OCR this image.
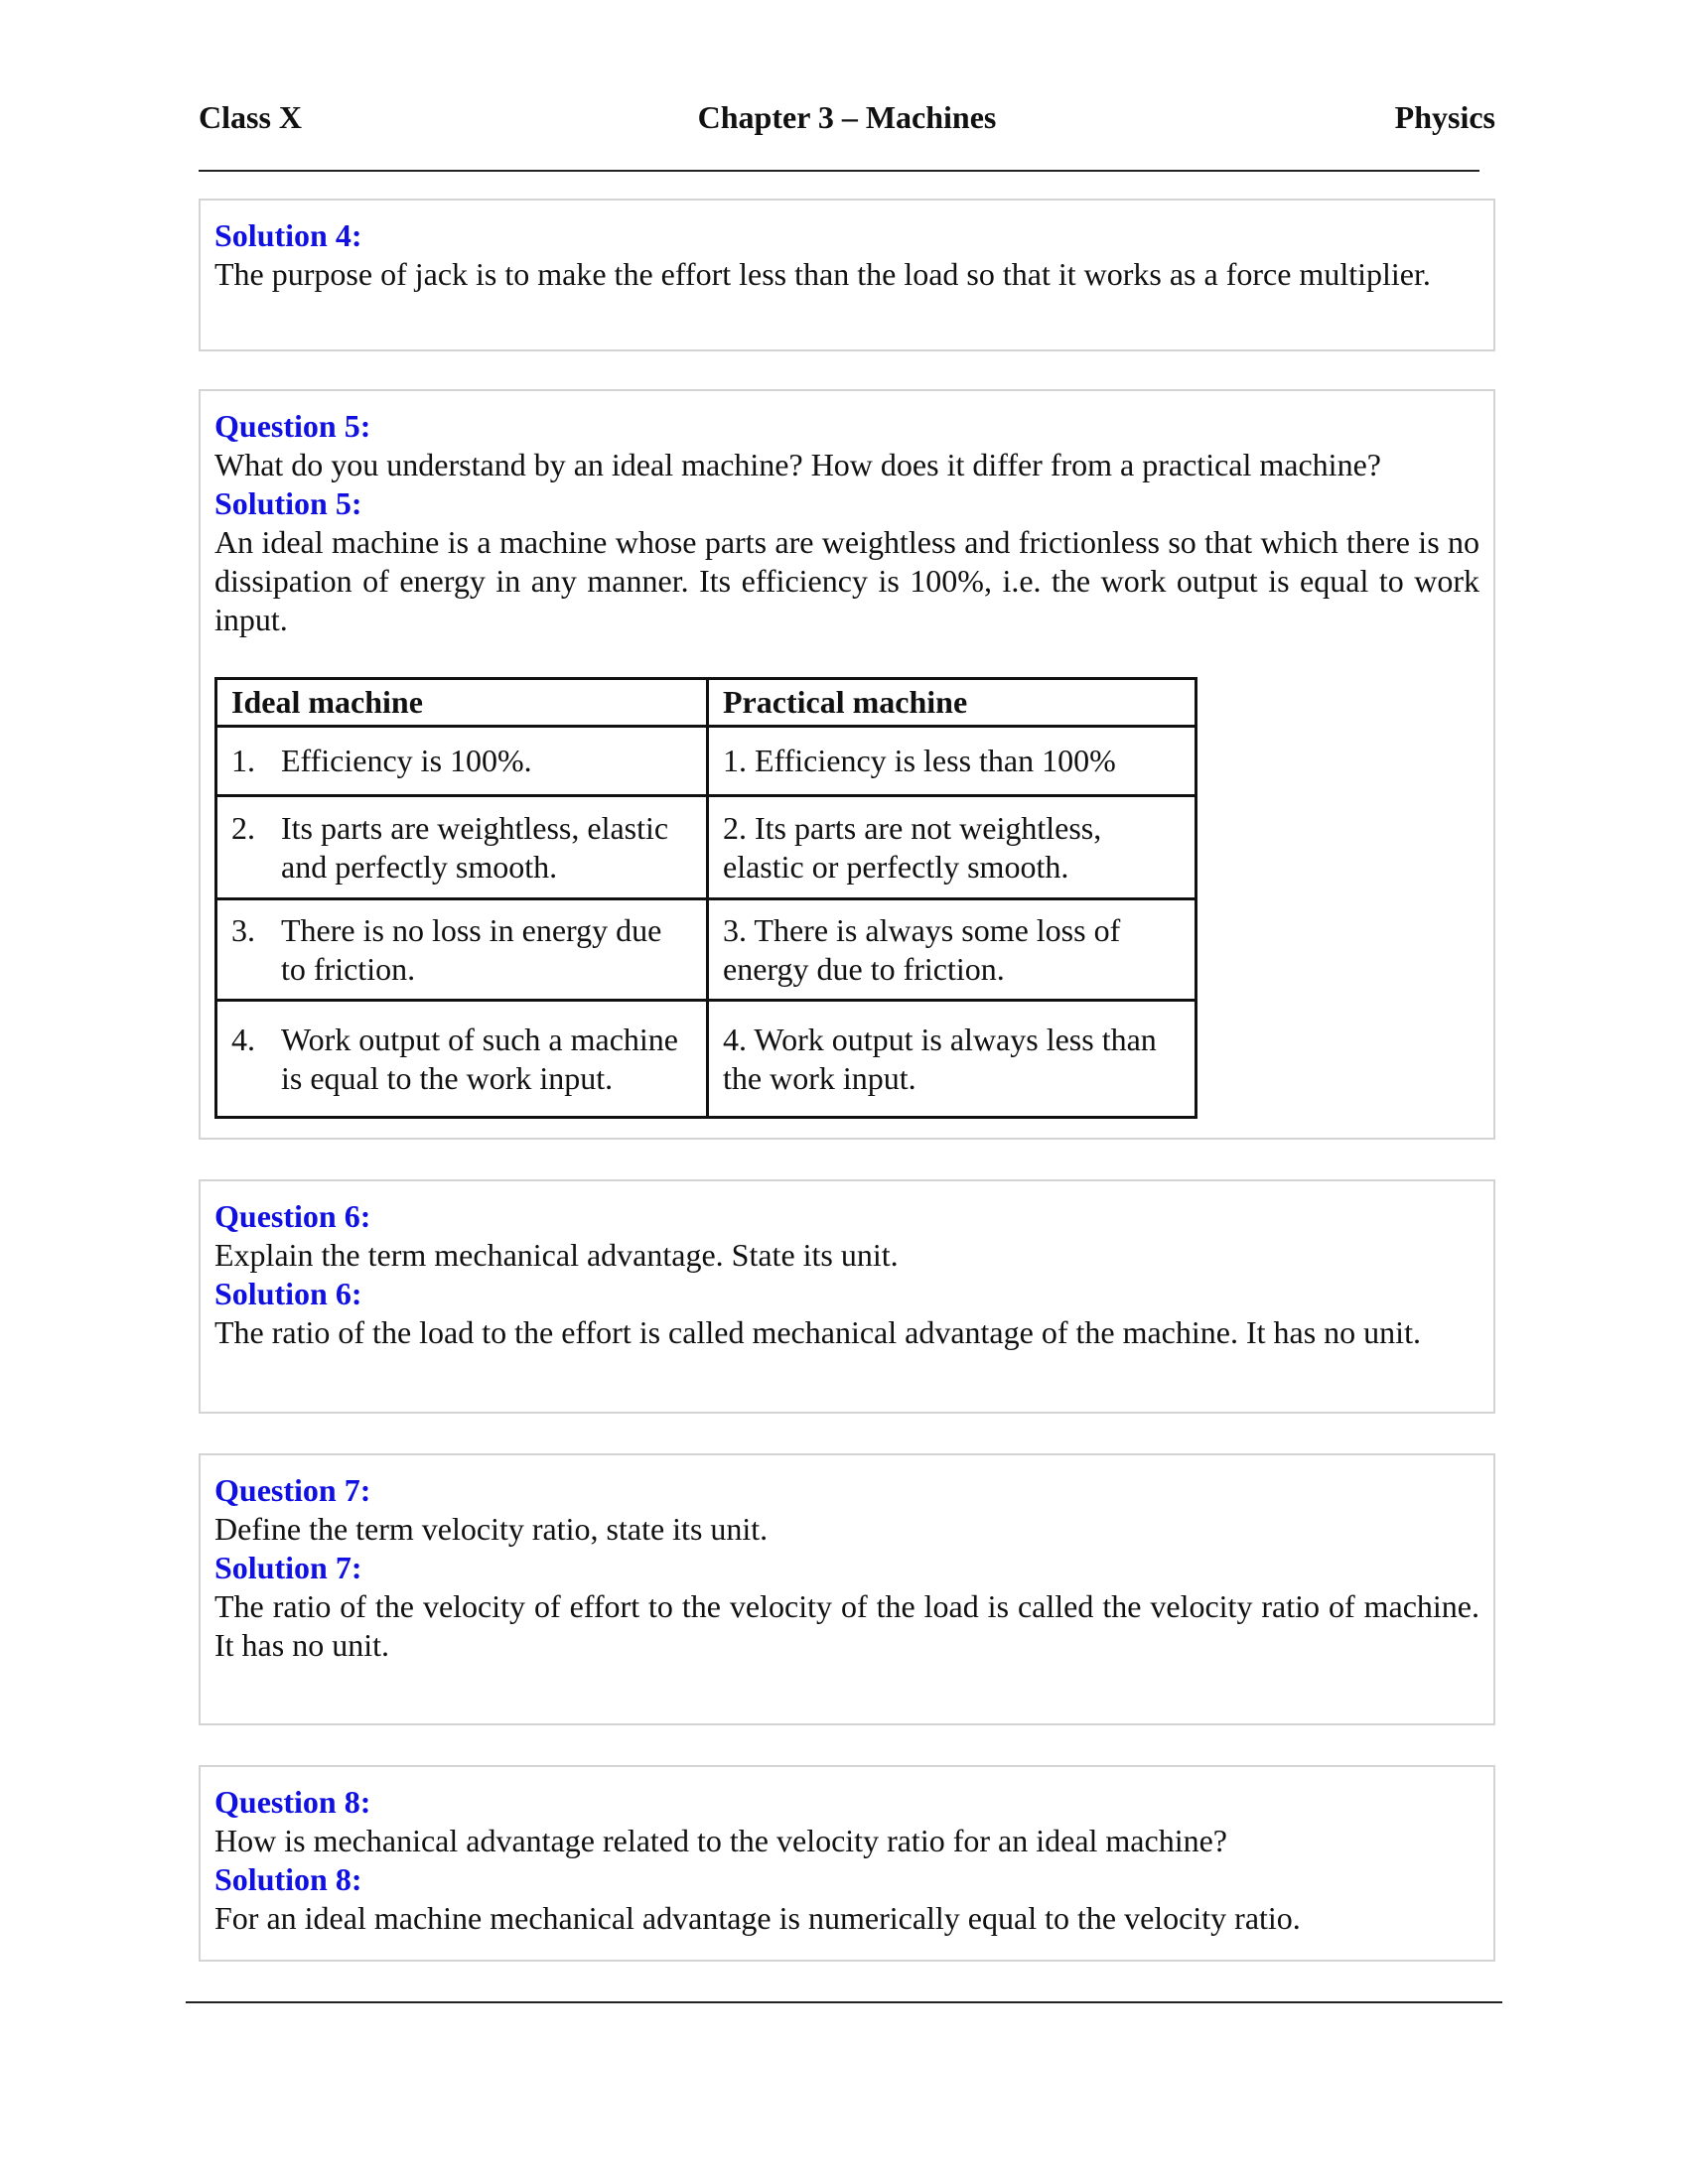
Class X	Chapter 3 – Machines	Physics

Solution 4:

The purpose of jack is to make the effort less than the load so that it works as a force multiplier.

Question 5:

What do you understand by an ideal machine? How does it differ from a practical machine?

Solution 5:

An ideal machine is a machine whose parts are weightless and frictionless so that which there is no dissipation of energy in any manner. Its efficiency is 100%, i.e. the work output is equal to work input.

Ideal machine	Practical machine
1. Efficiency is 100%.	1. Efficiency is less than 100%
2. Its parts are weightless, elastic and perfectly smooth.	2. Its parts are not weightless, elastic or perfectly smooth.
3. There is no loss in energy due to friction.	3. There is always some loss of energy due to friction.
4. Work output of such a machine is equal to the work input.	4. Work output is always less than the work input.

Question 6:

Explain the term mechanical advantage. State its unit.

Solution 6:

The ratio of the load to the effort is called mechanical advantage of the machine. It has no unit.

Question 7:

Define the term velocity ratio, state its unit.

Solution 7:

The ratio of the velocity of effort to the velocity of the load is called the velocity ratio of machine. It has no unit.

Question 8:

How is mechanical advantage related to the velocity ratio for an ideal machine?

Solution 8:

For an ideal machine mechanical advantage is numerically equal to the velocity ratio.
